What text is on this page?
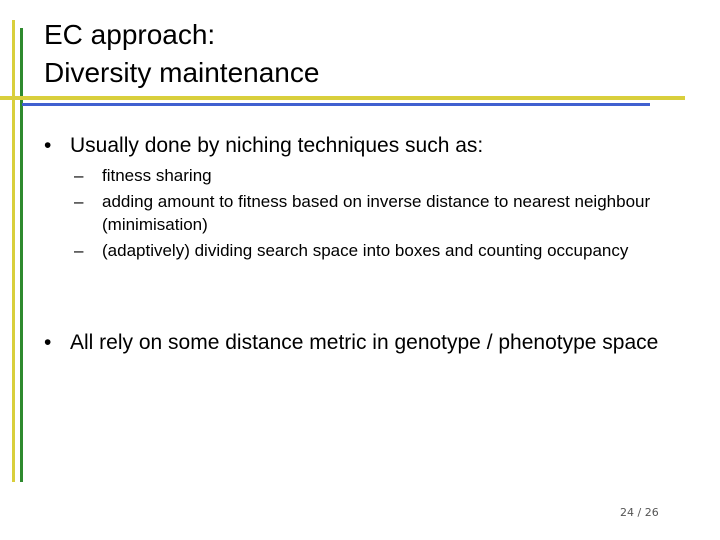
EC approach:
Diversity maintenance
• Usually done by niching techniques such as:
– fitness sharing
– adding amount to fitness based on inverse distance to nearest neighbour (minimisation)
– (adaptively) dividing search space into boxes and counting occupancy
• All rely on some distance metric in genotype / phenotype space
24 / 26
